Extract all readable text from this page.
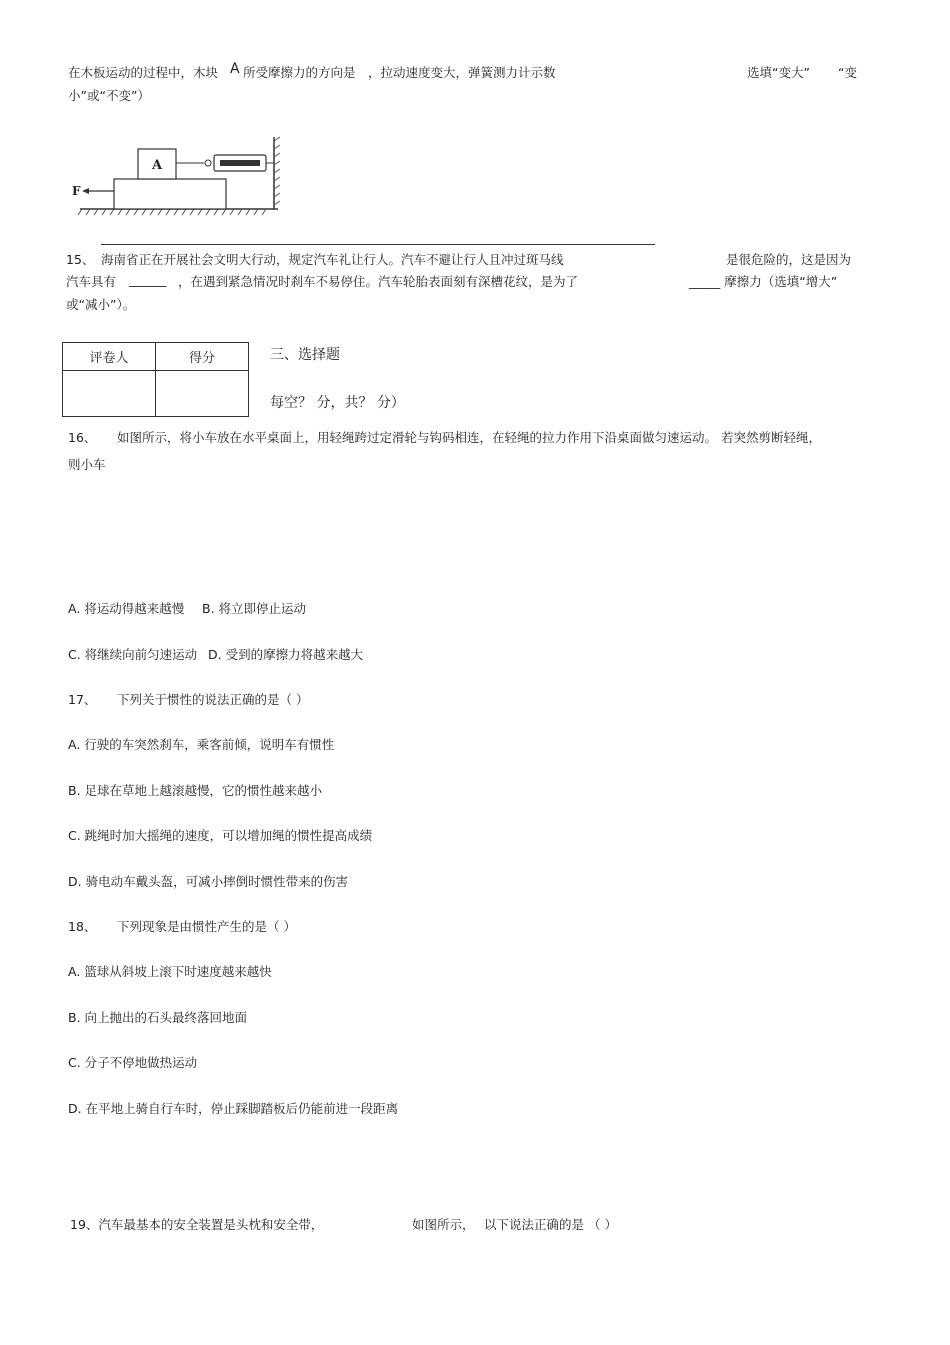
在木板运动的过程中，木块 A 所受摩擦力的方向是 ，拉动速度变大，弹簧测力计示数	选填“变大” “变
小”或“不变”）
A
F
15、 海南省正在开展社会文明大行动，规定汽车礼让行人。汽车不避让行人且冲过斑马线	是很危险的，这是因为
汽车具有 ______ ，在遇到紧急情况时刹车不易停住。汽车轮胎表面刻有深槽花纹，是为了	_____ 摩擦力（选填“增大”
或“减小”）。
评卷人	得分
		三、选择题
每空？ 分，共？ 分）
16、 如图所示，将小车放在水平桌面上，用轻绳跨过定滑轮与钩码相连，在轻绳的拉力作用下沿桌面做匀速运动。 若突然剪断轻绳，
则小车
A. 将运动得越来越慢 B. 将立即停止运动
C. 将继续向前匀速运动 D. 受到的摩擦力将越来越大
17、 下列关于惯性的说法正确的是（ ）
A. 行驶的车突然刹车，乘客前倾，说明车有惯性
B. 足球在草地上越滚越慢，它的惯性越来越小
C. 跳绳时加大摇绳的速度，可以增加绳的惯性提高成绩
D. 骑电动车戴头盔，可减小摔倒时惯性带来的伤害
18、 下列现象是由惯性产生的是（ ）
A. 篮球从斜坡上滚下时速度越来越快
B. 向上抛出的石头最终落回地面
C. 分子不停地做热运动
D. 在平地上骑自行车时，停止踩脚踏板后仍能前进一段距离
19、汽车最基本的安全装置是头枕和安全带，	如图所示， 以下说法正确的是 （ ）
